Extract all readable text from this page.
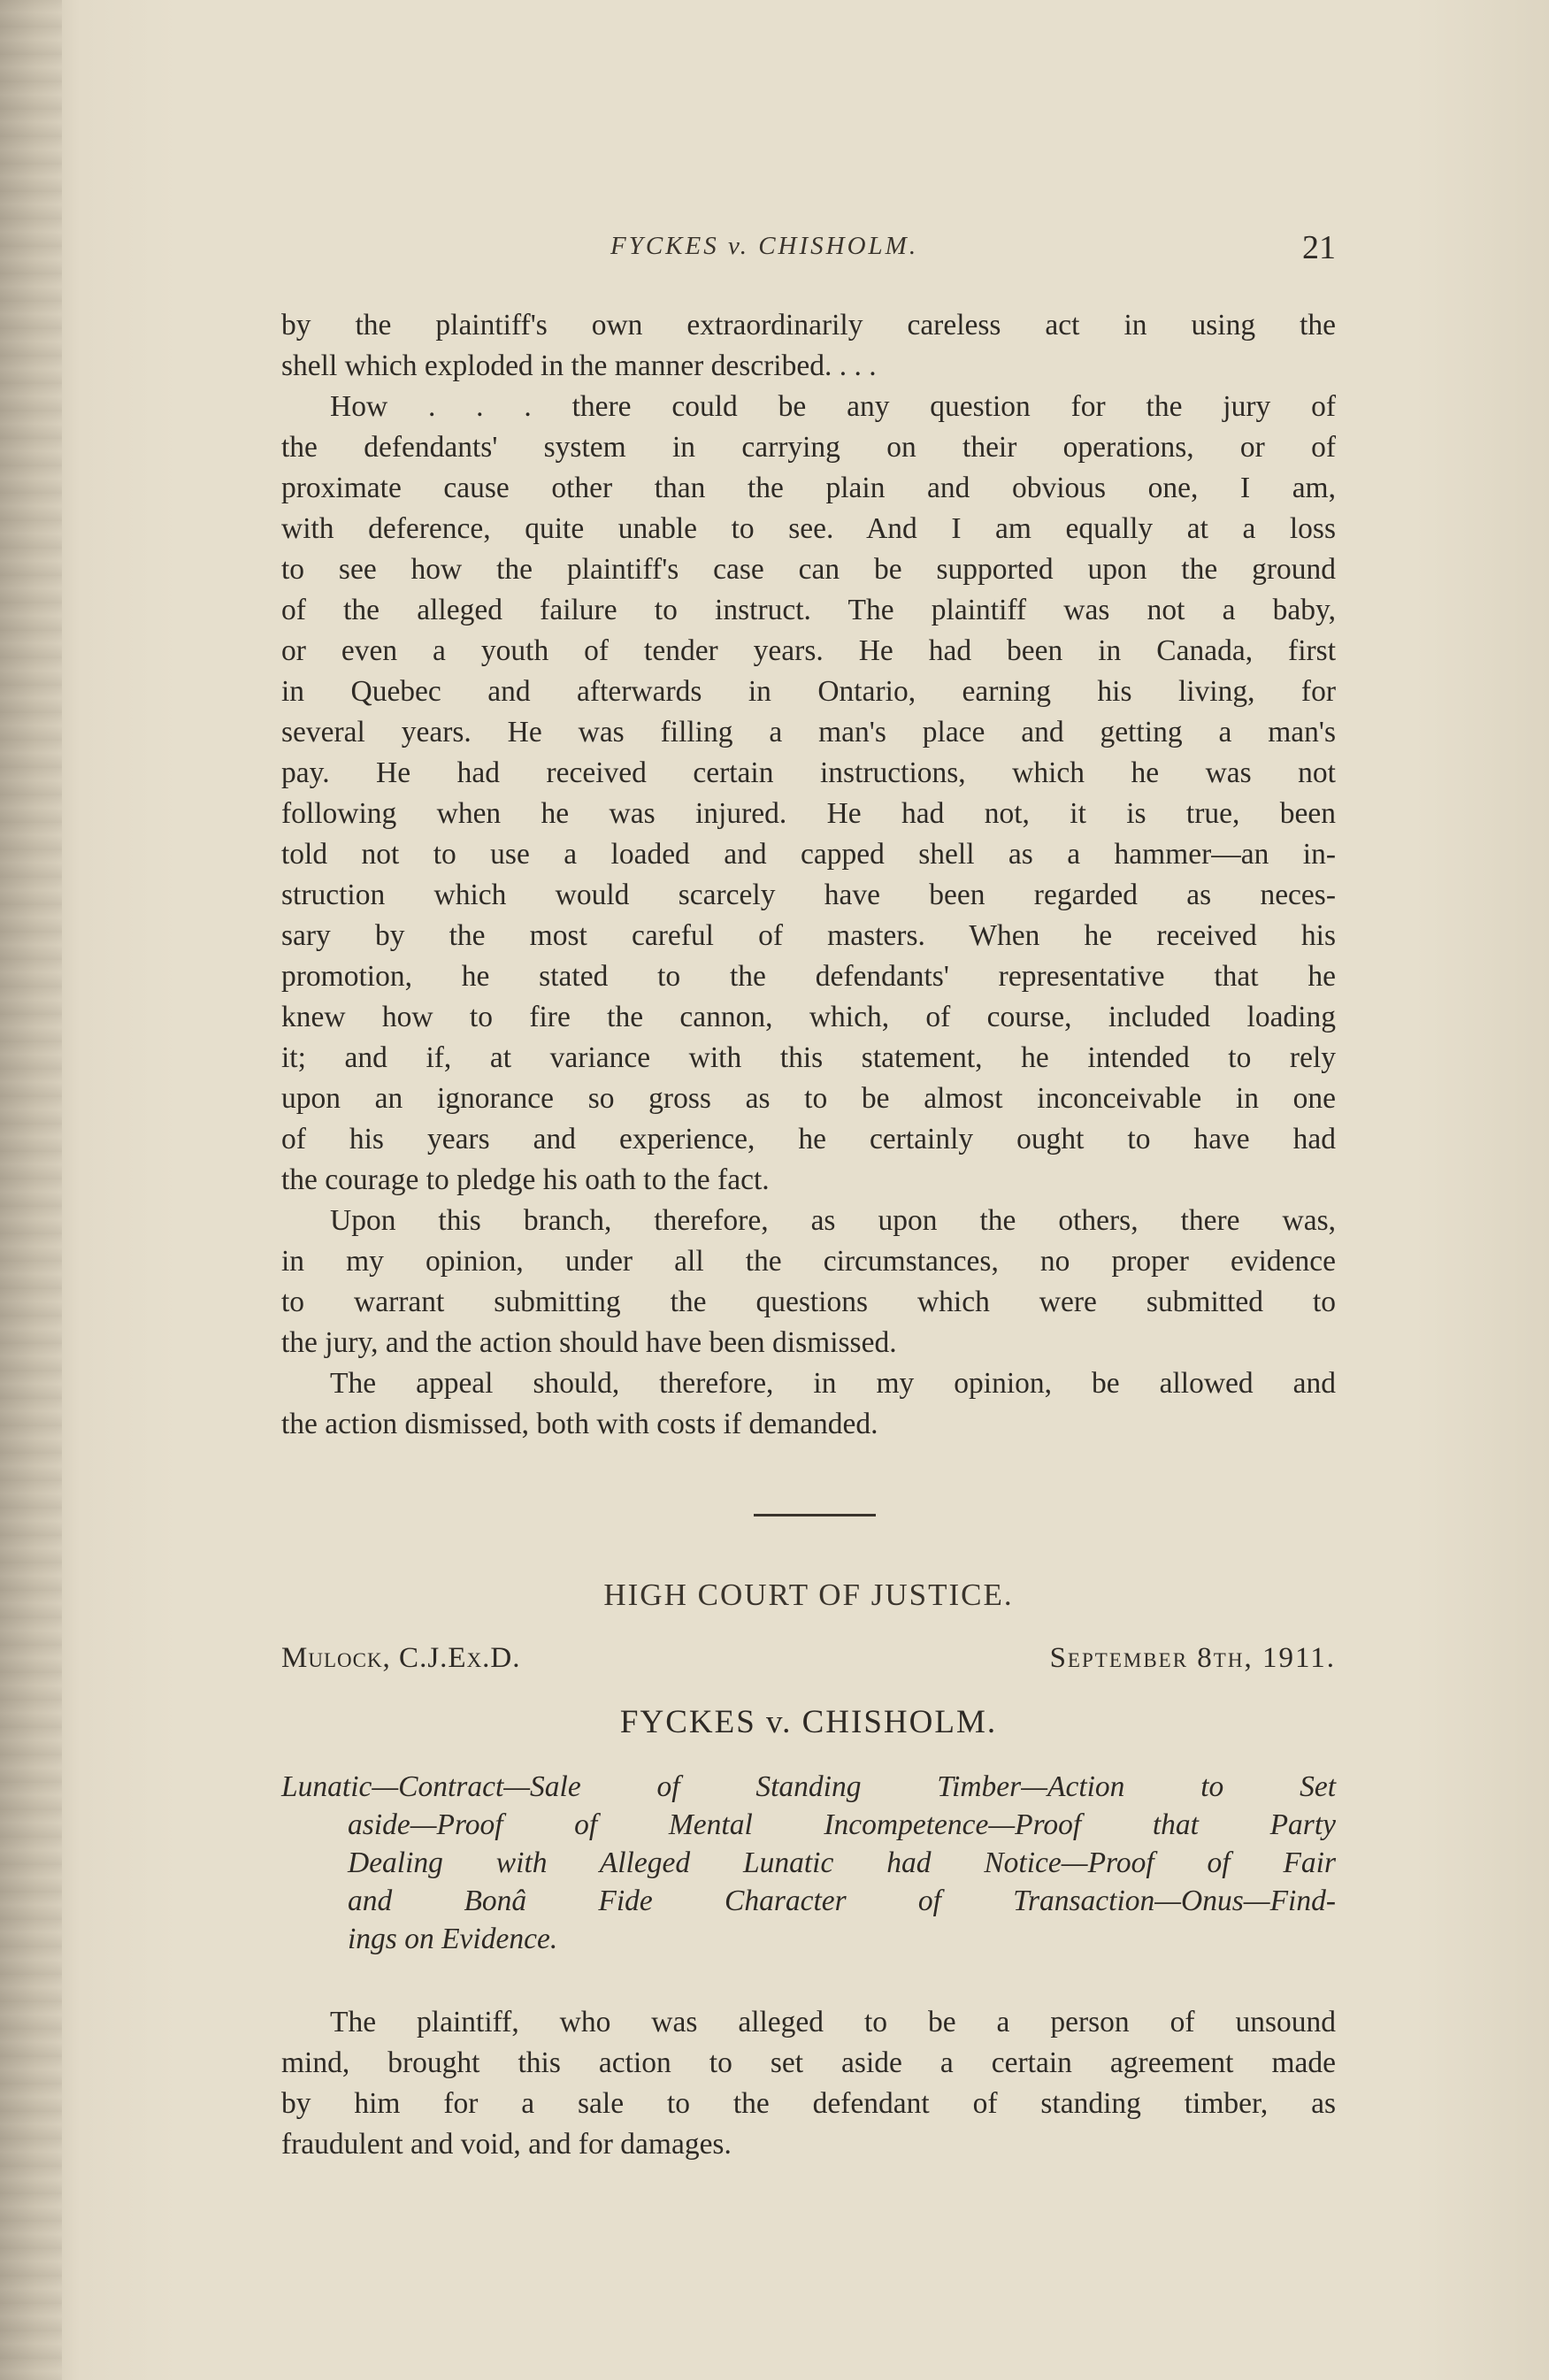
FYCKES v. CHISHOLM.	21
by the plaintiff's own extraordinarily careless act in using the
shell which exploded in the manner described. . . .
How . . . there could be any question for the jury of
the defendants' system in carrying on their operations, or of
proximate cause other than the plain and obvious one, I am,
with deference, quite unable to see. And I am equally at a loss
to see how the plaintiff's case can be supported upon the ground
of the alleged failure to instruct. The plaintiff was not a baby,
or even a youth of tender years. He had been in Canada, first
in Quebec and afterwards in Ontario, earning his living, for
several years. He was filling a man's place and getting a man's
pay. He had received certain instructions, which he was not
following when he was injured. He had not, it is true, been
told not to use a loaded and capped shell as a hammer—an in-
struction which would scarcely have been regarded as neces-
sary by the most careful of masters. When he received his
promotion, he stated to the defendants' representative that he
knew how to fire the cannon, which, of course, included loading
it; and if, at variance with this statement, he intended to rely
upon an ignorance so gross as to be almost inconceivable in one
of his years and experience, he certainly ought to have had
the courage to pledge his oath to the fact.
Upon this branch, therefore, as upon the others, there was,
in my opinion, under all the circumstances, no proper evidence
to warrant submitting the questions which were submitted to
the jury, and the action should have been dismissed.
The appeal should, therefore, in my opinion, be allowed and
the action dismissed, both with costs if demanded.
HIGH COURT OF JUSTICE.
Mulock, C.J.Ex.D.	September 8th, 1911.
FYCKES v. CHISHOLM.
Lunatic—Contract—Sale of Standing Timber—Action to Set
aside—Proof of Mental Incompetence—Proof that Party
Dealing with Alleged Lunatic had Notice—Proof of Fair
and Bonâ Fide Character of Transaction—Onus—Find-
ings on Evidence.
The plaintiff, who was alleged to be a person of unsound
mind, brought this action to set aside a certain agreement made
by him for a sale to the defendant of standing timber, as
fraudulent and void, and for damages.
